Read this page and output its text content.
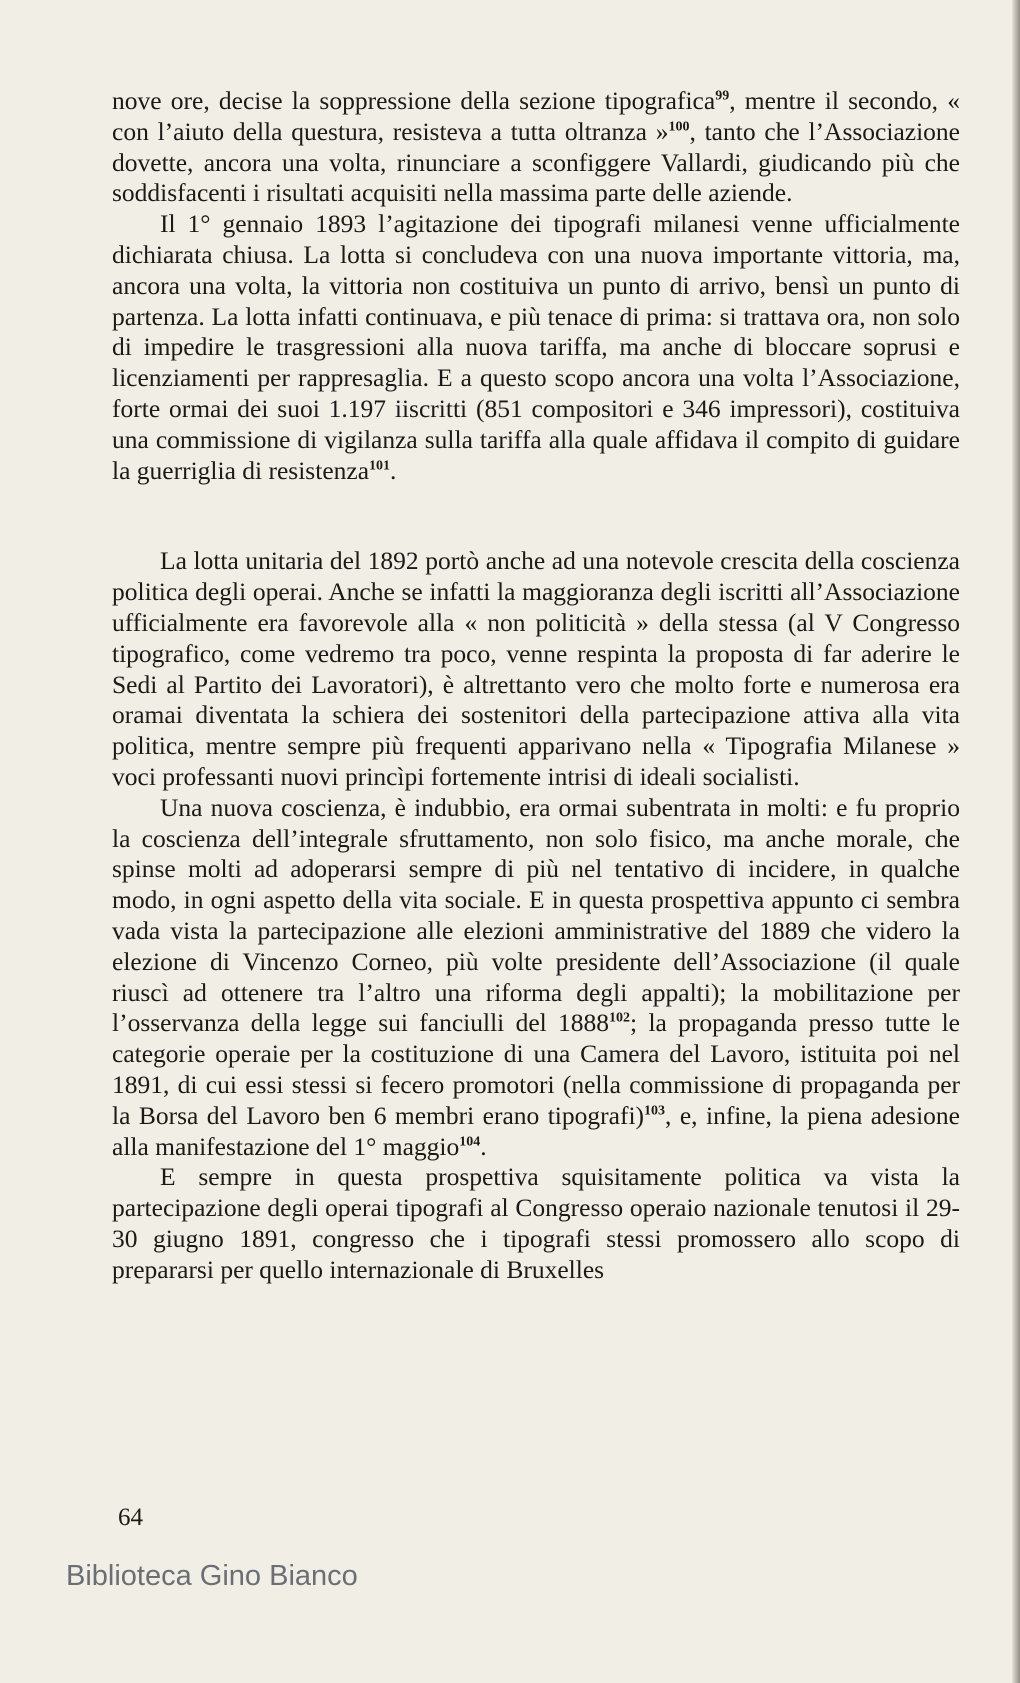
nove ore, decise la soppressione della sezione tipografica$^{99}$, mentre il secondo, « con l’aiuto della questura, resisteva a tutta oltranza »$^{100}$, tanto che l’Associazione dovette, ancora una volta, rinunciare a sconfiggere Vallardi, giudicando più che soddisfacenti i risultati acquisiti nella massima parte delle aziende.

Il 1° gennaio 1893 l’agitazione dei tipografi milanesi venne ufficialmente dichiarata chiusa. La lotta si concludeva con una nuova importante vittoria, ma, ancora una volta, la vittoria non costituiva un punto di arrivo, bensì un punto di partenza. La lotta infatti continuava, e più tenace di prima: si trattava ora, non solo di impedire le trasgressioni alla nuova tariffa, ma anche di bloccare soprusi e licenziamenti per rappresaglia. E a questo scopo ancora una volta l’Associazione, forte ormai dei suoi 1.197 iiscritti (851 compositori e 346 impressori), costituiva una commissione di vigilanza sulla tariffa alla quale affidava il compito di guidare la guerriglia di resistenza$^{101}$.

La lotta unitaria del 1892 portò anche ad una notevole crescita della coscienza politica degli operai. Anche se infatti la maggioranza degli iscritti all’Associazione ufficialmente era favorevole alla « non politicità » della stessa (al V Congresso tipografico, come vedremo tra poco, venne respinta la proposta di far aderire le Sedi al Partito dei Lavoratori), è altrettanto vero che molto forte e numerosa era oramai diventata la schiera dei sostenitori della partecipazione attiva alla vita politica, mentre sempre più frequenti apparivano nella « Tipografia Milanese » voci professanti nuovi princìpi fortemente intrisi di ideali socialisti.

Una nuova coscienza, è indubbio, era ormai subentrata in molti: e fu proprio la coscienza dell’integrale sfruttamento, non solo fisico, ma anche morale, che spinse molti ad adoperarsi sempre di più nel tentativo di incidere, in qualche modo, in ogni aspetto della vita sociale. E in questa prospettiva appunto ci sembra vada vista la partecipazione alle elezioni amministrative del 1889 che videro la elezione di Vincenzo Corneo, più volte presidente dell’Associazione (il quale riuscì ad ottenere tra l’altro una riforma degli appalti); la mobilitazione per l’osservanza della legge sui fanciulli del 1888$^{102}$; la propaganda presso tutte le categorie operaie per la costituzione di una Camera del Lavoro, istituita poi nel 1891, di cui essi stessi si fecero promotori (nella commissione di propaganda per la Borsa del Lavoro ben 6 membri erano tipografi)$^{103}$, e, infine, la piena adesione alla manifestazione del 1° maggio$^{104}$.

E sempre in questa prospettiva squisitamente politica va vista la partecipazione degli operai tipografi al Congresso operaio nazionale tenutosi il 29-30 giugno 1891, congresso che i tipografi stessi promossero allo scopo di prepararsi per quello internazionale di Bruxelles

64
Biblioteca Gino Bianco
